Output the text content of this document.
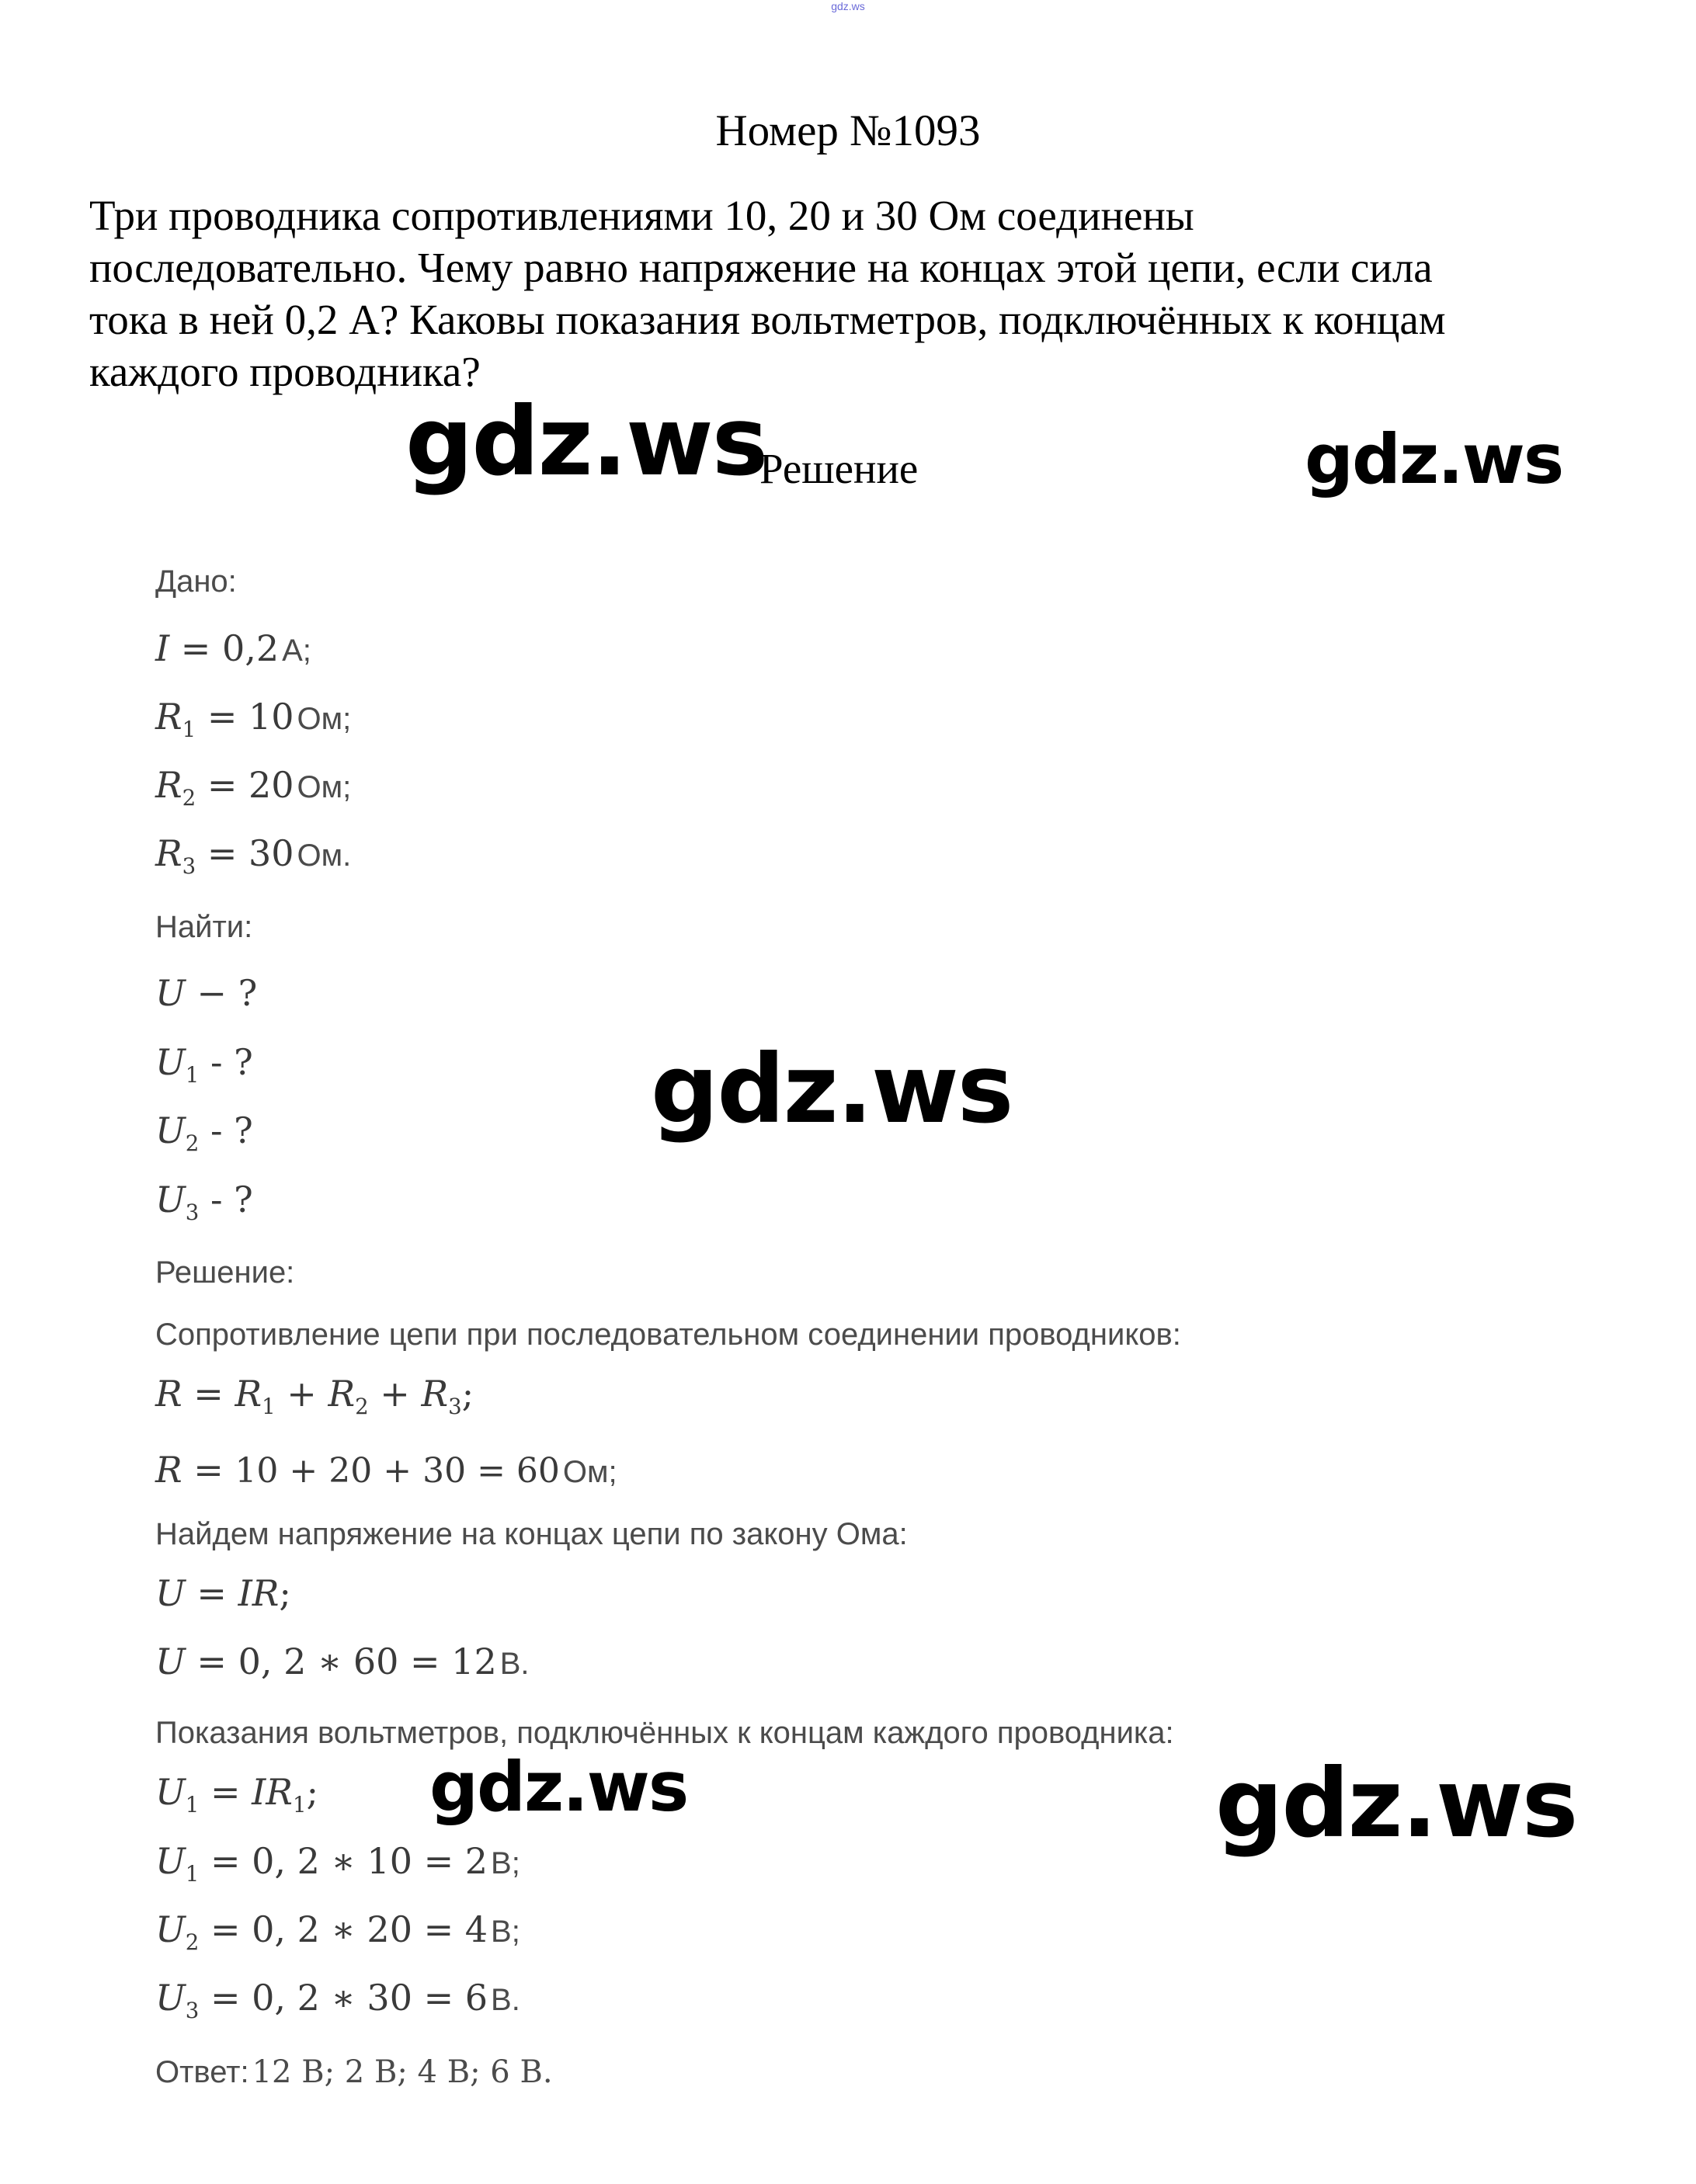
gdz.ws
Номер №1093
Три проводника сопротивлениями 10, 20 и 30 Ом соединены
последовательно. Чему равно напряжение на концах этой цепи, если сила
тока в ней 0,2 А? Каковы показания вольтметров, подключённых к концам
каждого проводника?
Решение
Дано:
I = 0,2 А;
$R_1 = 10$ Ом;
$R_2 = 20$ Ом;
$R_3 = 30$ Ом.
Найти:
U − ?
$U_1$ - ?
$U_2$ - ?
$U_3$ - ?
Решение:
Сопротивление цепи при последовательном соединении проводников:
$R = R_1 + R_2 + R_3$;
R = 10 + 20 + 30 = 60 Ом;
Найдем напряжение на концах цепи по закону Ома:
U = IR;
U = 0, 2 ∗ 60 = 12 В.
Показания вольтметров, подключённых к концам каждого проводника:
$U_1 = IR_1$;
$U_1 = 0$, 2 ∗ 10 = 2 В;
$U_2 = 0$, 2 ∗ 20 = 4 В;
$U_3 = 0$, 2 ∗ 30 = 6 В.
Ответ: 12 В; 2 В; 4 В; 6 В.
gdz.ws	gdz.ws
gdz.ws
gdz.ws	gdz.ws
